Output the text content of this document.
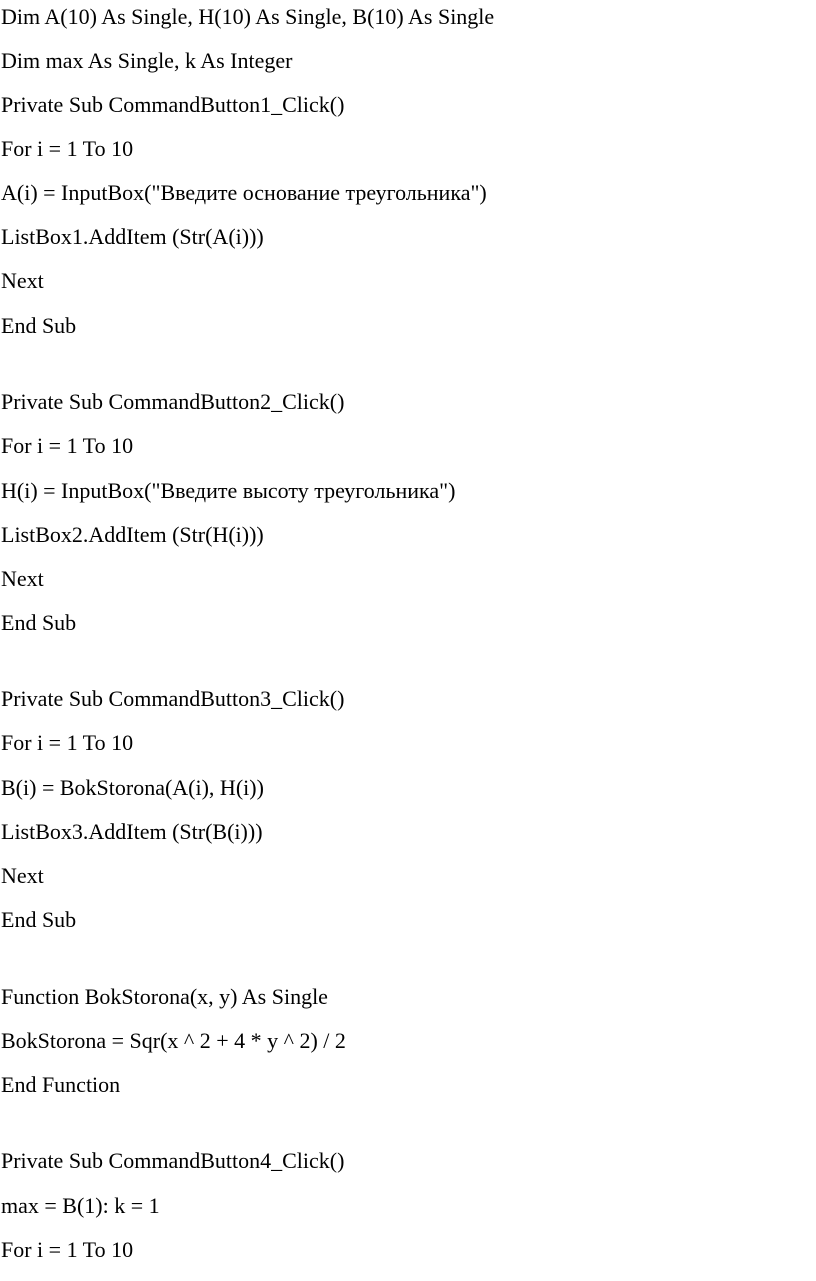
Dim A(10) As Single, H(10) As Single, B(10) As Single
Dim max As Single, k As Integer
Private Sub CommandButton1_Click()
For i = 1 To 10
A(i) = InputBox("Введите основание треугольника")
ListBox1.AddItem (Str(A(i)))
Next
End Sub
Private Sub CommandButton2_Click()
For i = 1 To 10
H(i) = InputBox("Введите высоту треугольника")
ListBox2.AddItem (Str(H(i)))
Next
End Sub
Private Sub CommandButton3_Click()
For i = 1 To 10
B(i) = BokStorona(A(i), H(i))
ListBox3.AddItem (Str(B(i)))
Next
End Sub
Function BokStorona(x, y) As Single
BokStorona = Sqr(x ^ 2 + 4 * y ^ 2) / 2
End Function
Private Sub CommandButton4_Click()
max = B(1): k = 1
For i = 1 To 10
